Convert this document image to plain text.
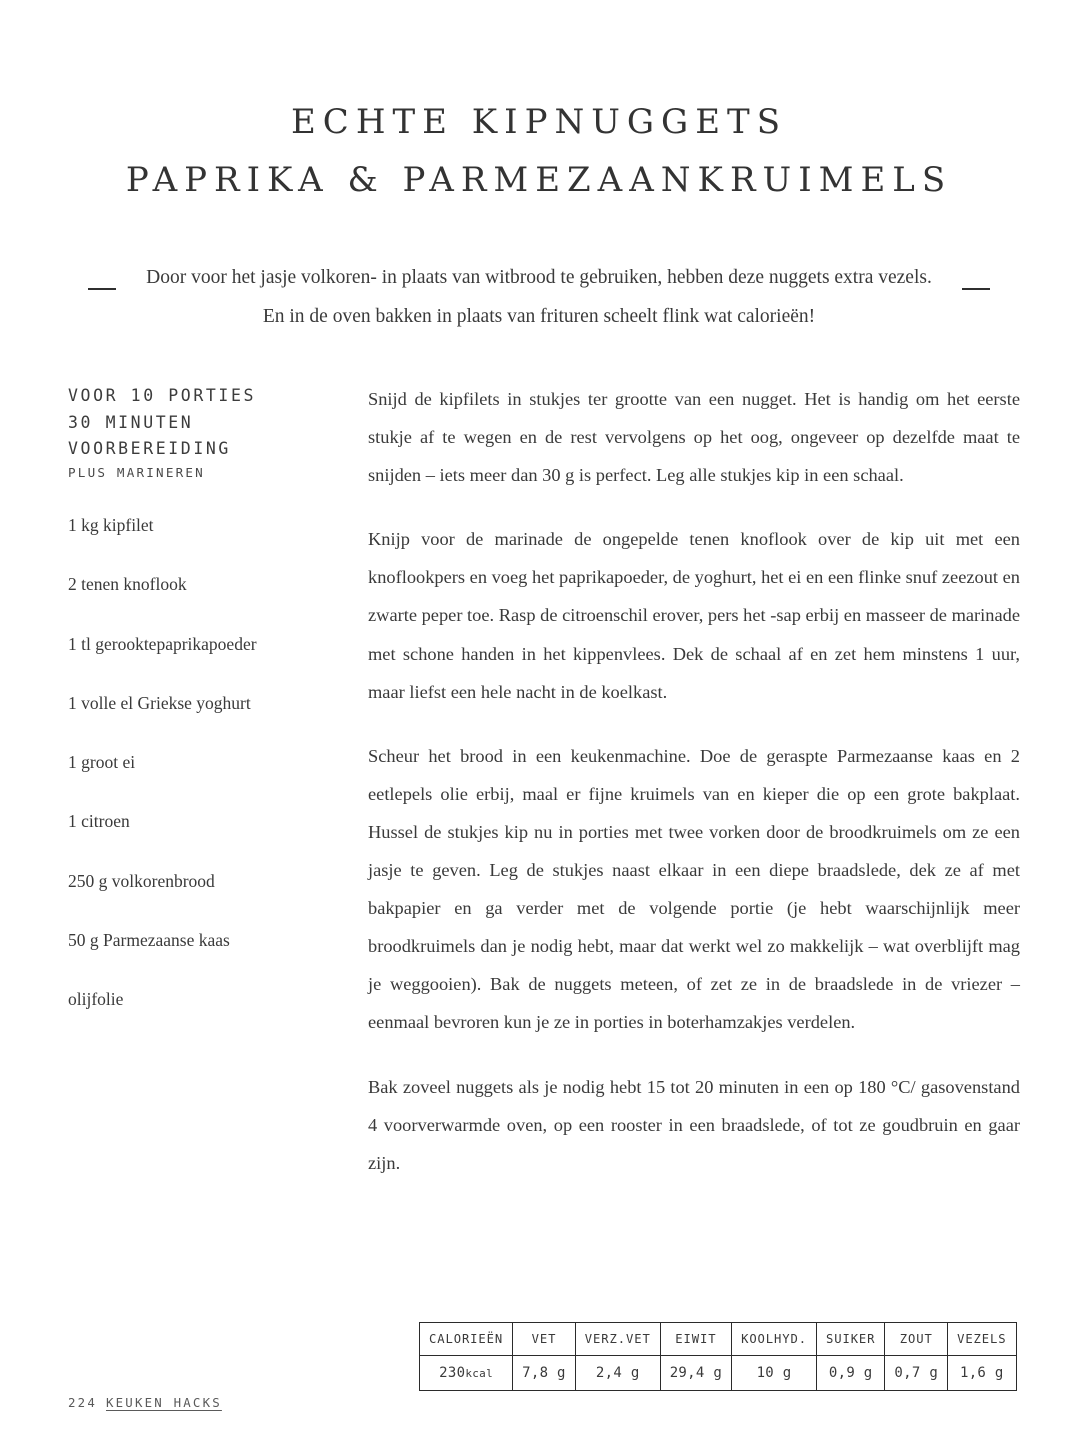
ECHTE KIPNUGGETS
PAPRIKA & PARMEZAANKRUIMELS
Door voor het jasje volkoren- in plaats van witbrood te gebruiken, hebben deze nuggets extra vezels. En in de oven bakken in plaats van frituren scheelt flink wat calorieën!
VOOR 10 PORTIES
30 MINUTEN
VOORBEREIDING
PLUS MARINEREN
1 kg kipfilet
2 tenen knoflook
1 tl gerooktepaprikapoeder
1 volle el Griekse yoghurt
1 groot ei
1 citroen
250 g volkorenbrood
50 g Parmezaanse kaas
olijfolie

Snijd de kipfilets in stukjes ter grootte van een nugget. Het is handig om het eerste stukje af te wegen en de rest vervolgens op het oog, ongeveer op dezelfde maat te snijden – iets meer dan 30 g is perfect. Leg alle stukjes kip in een schaal.

Knijp voor de marinade de ongepelde tenen knoflook over de kip uit met een knoflookpers en voeg het paprikapoeder, de yoghurt, het ei en een flinke snuf zeezout en zwarte peper toe. Rasp de citroenschil erover, pers het -sap erbij en masseer de marinade met schone handen in het kippenvlees. Dek de schaal af en zet hem minstens 1 uur, maar liefst een hele nacht in de koelkast.

Scheur het brood in een keukenmachine. Doe de geraspte Parmezaanse kaas en 2 eetlepels olie erbij, maal er fijne kruimels van en kieper die op een grote bakplaat. Hussel de stukjes kip nu in porties met twee vorken door de broodkruimels om ze een jasje te geven. Leg de stukjes naast elkaar in een diepe braadslede, dek ze af met bakpapier en ga verder met de volgende portie (je hebt waarschijnlijk meer broodkruimels dan je nodig hebt, maar dat werkt wel zo makkelijk – wat overblijft mag je weggooien). Bak de nuggets meteen, of zet ze in de braadslede in de vriezer – eenmaal bevroren kun je ze in porties in boterhamzakjes verdelen.

Bak zoveel nuggets als je nodig hebt 15 tot 20 minuten in een op 180 °C/ gasovenstand 4 voorverwarmde oven, op een rooster in een braadslede, of tot ze goudbruin en gaar zijn.

CALORIEËN	VET	VERZ.VET	EIWIT	KOOLHYD.	SUIKER	ZOUT	VEZELS
230kcal	7,8 g	2,4 g	29,4 g	10 g	0,9 g	0,7 g	1,6 g
224 KEUKEN HACKS
